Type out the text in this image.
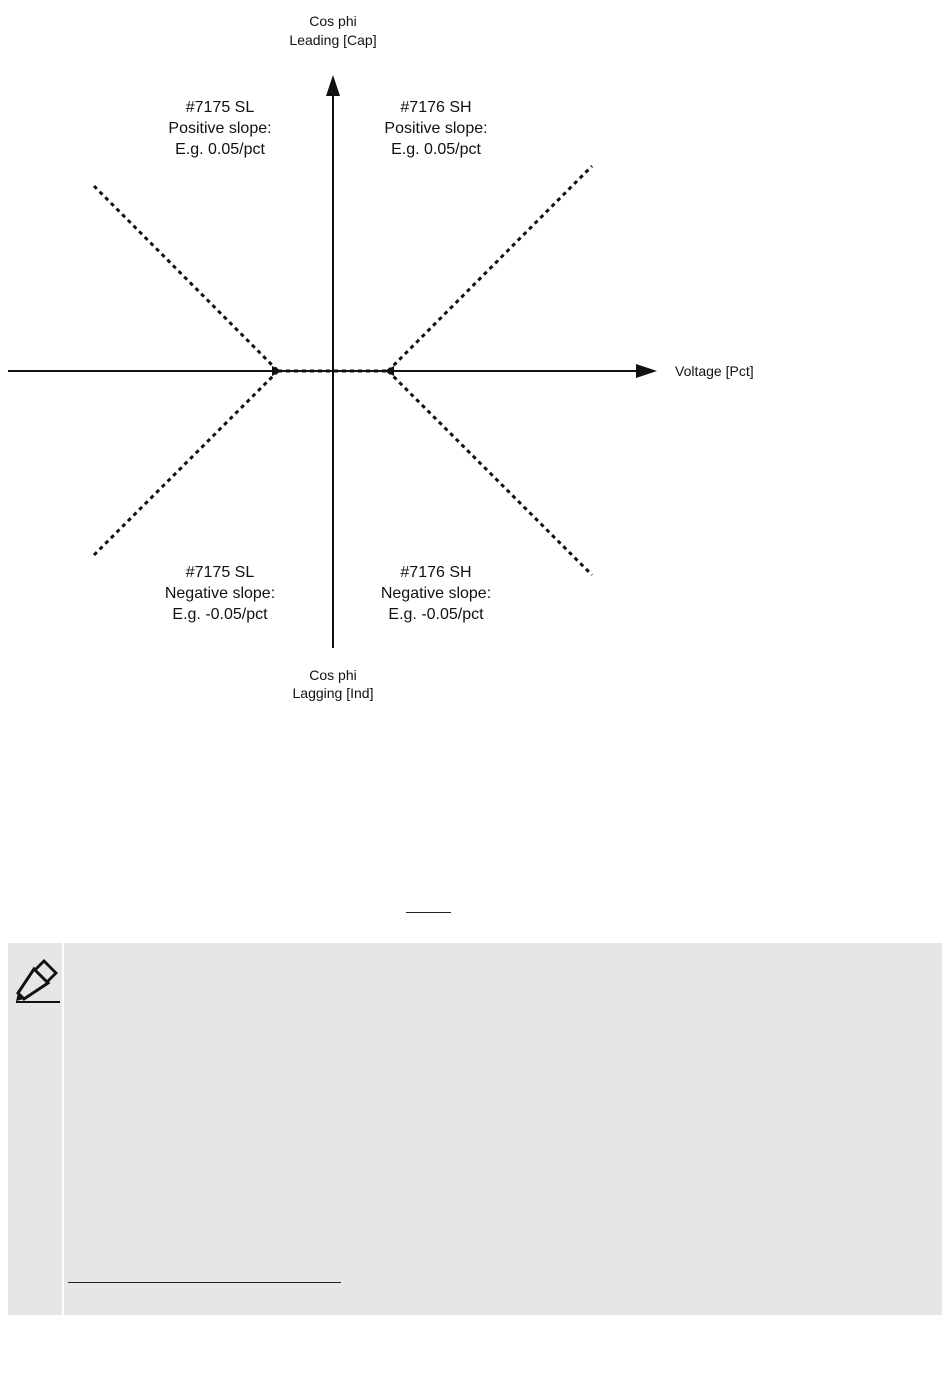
Cos phi
Leading [Cap]
Cos phi
Lagging [Ind]
Voltage [Pct]
#7175 SL
Positive slope:
E.g. 0.05/pct
#7176 SH
Positive slope:
E.g. 0.05/pct
#7175 SL
Negative slope:
E.g. -0.05/pct
#7176 SH
Negative slope:
E.g. -0.05/pct
